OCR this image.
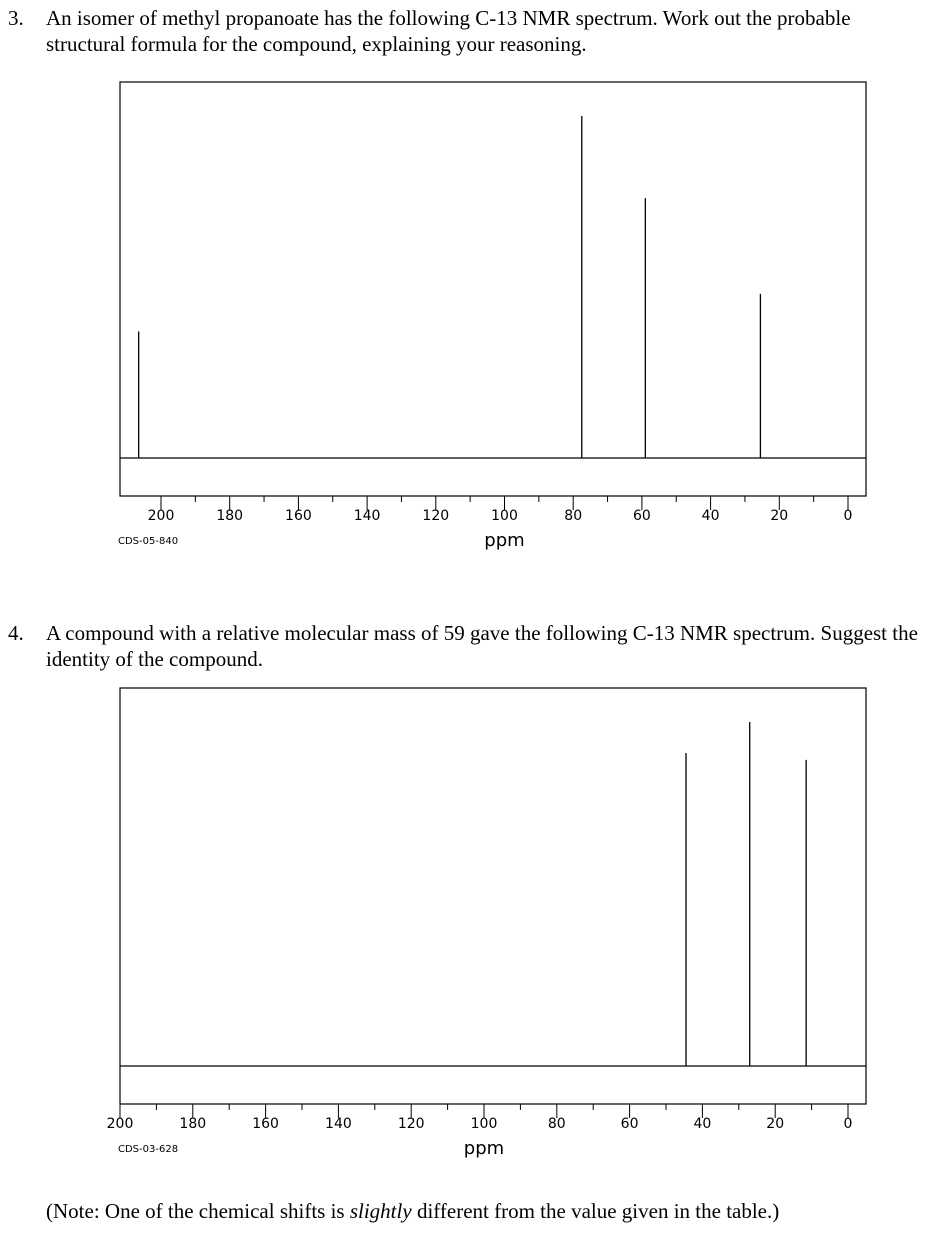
3. An isomer of methyl propanoate has the following C-13 NMR spectrum. Work out the probable structural formula for the compound, explaining your reasoning.
200	180	160	140	120	100	80	60	40	20	0
ppm
CDS-05-840
4. A compound with a relative molecular mass of 59 gave the following C-13 NMR spectrum. Suggest the identity of the compound.
200	180	160	140	120	100	80	60	40	20	0
ppm
CDS-03-628
(Note: One of the chemical shifts is slightly different from the value given in the table.)
